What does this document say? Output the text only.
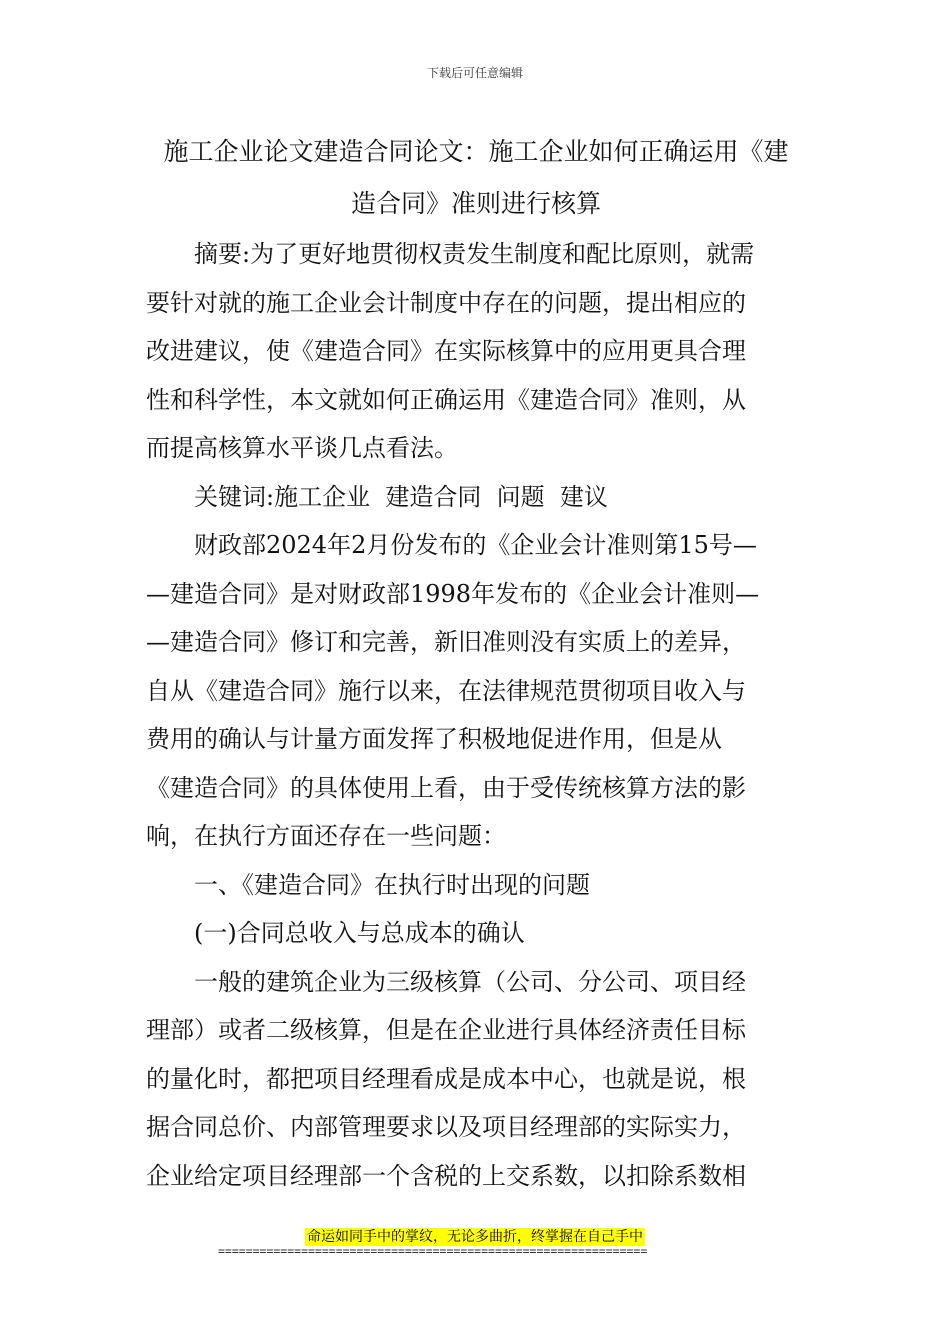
下载后可任意编辑
施工企业论文建造合同论文：施工企业如何正确运用《建
造合同》准则进行核算

摘要:为了更好地贯彻权责发生制度和配比原则，就需
要针对就的施工企业会计制度中存在的问题，提出相应的
改进建议，使《建造合同》在实际核算中的应用更具合理
性和科学性，本文就如何正确运用《建造合同》准则，从
而提高核算水平谈几点看法。

关键词:施工企业  建造合同  问题  建议

财政部2024年2月份发布的《企业会计准则第15号—
—建造合同》是对财政部1998年发布的《企业会计准则—
—建造合同》修订和完善，新旧准则没有实质上的差异，
自从《建造合同》施行以来，在法律规范贯彻项目收入与
费用的确认与计量方面发挥了积极地促进作用，但是从
《建造合同》的具体使用上看，由于受传统核算方法的影
响，在执行方面还存在一些问题：

一、《建造合同》在执行时出现的问题

(一)合同总收入与总成本的确认

一般的建筑企业为三级核算（公司、分公司、项目经
理部）或者二级核算，但是在企业进行具体经济责任目标
的量化时，都把项目经理看成是成本中心，也就是说，根
据合同总价、内部管理要求以及项目经理部的实际实力，
企业给定项目经理部一个含税的上交系数，以扣除系数相

命运如同手中的掌纹，无论多曲折，终掌握在自己手中
==============================================================
